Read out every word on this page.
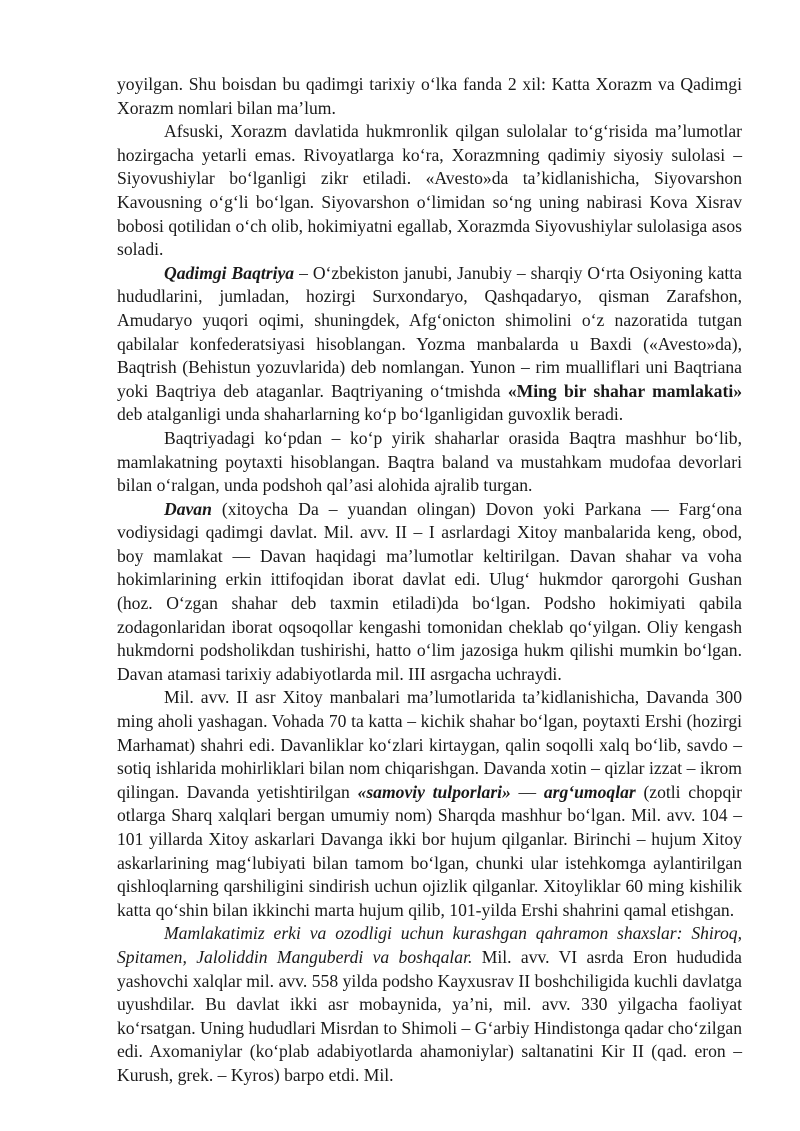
yoyilgan. Shu boisdan bu qadimgi tarixiy o‘lka fanda 2 xil: Katta Xorazm va Qadimgi Xorazm nomlari bilan ma’lum.

Afsuski, Xorazm davlatida hukmronlik qilgan sulolalar to‘g‘risida ma’lumotlar hozirgacha yetarli emas. Rivoyatlarga ko‘ra, Xorazmning qadimiy siyosiy sulolasi – Siyovushiylar bo‘lganligi zikr etiladi. «Avesto»da ta’kidlanishicha, Siyovarshon Kavousning o‘g‘li bo‘lgan. Siyovarshon o‘limidan so‘ng uning nabirasi Kova Xisrav bobosi qotilidan o‘ch olib, hokimiyatni egallab, Xorazmda Siyovushiylar sulolasiga asos soladi.

Qadimgi Baqtriya – O‘zbekiston janubi, Janubiy – sharqiy O‘rta Osiyoning katta hududlarini, jumladan, hozirgi Surxondaryo, Qashqadaryo, qisman Zarafshon, Amudaryo yuqori oqimi, shuningdek, Afg‘onicton shimolini o‘z nazoratida tutgan qabilalar konfederatsiyasi hisoblangan. Yozma manbalarda u Baxdi («Avesto»da), Baqtrish (Behistun yozuvlarida) deb nomlangan. Yunon – rim mualliflari uni Baqtriana yoki Baqtriya deb ataganlar. Baqtriyaning o‘tmishda «Ming bir shahar mamlakati» deb atalganligi unda shaharlarning ko‘p bo‘lganligidan guvoxlik beradi.

Baqtriyadagi ko‘pdan – ko‘p yirik shaharlar orasida Baqtra mashhur bo‘lib, mamlakatning poytaxti hisoblangan. Baqtra baland va mustahkam mudofaa devorlari bilan o‘ralgan, unda podshoh qal’asi alohida ajralib turgan.

Davan (xitoycha Da – yuandan olingan) Dovon yoki Parkana — Farg‘ona vodiysidagi qadimgi davlat. Mil. avv. II – I asrlardagi Xitoy manbalarida keng, obod, boy mamlakat — Davan haqidagi ma’lumotlar keltirilgan. Davan shahar va voha hokimlarining erkin ittifoqidan iborat davlat edi. Ulug‘ hukmdor qarorgohi Gushan (hoz. O‘zgan shahar deb taxmin etiladi)da bo‘lgan. Podsho hokimiyati qabila zodagonlaridan iborat oqsoqollar kengashi tomonidan cheklab qo‘yilgan. Oliy kengash hukmdorni podsholikdan tushirishi, hatto o‘lim jazosiga hukm qilishi mumkin bo‘lgan. Davan atamasi tarixiy adabiyotlarda mil. III asrgacha uchraydi.

Mil. avv. II asr Xitoy manbalari ma’lumotlarida ta’kidlanishicha, Davanda 300 ming aholi yashagan. Vohada 70 ta katta – kichik shahar bo‘lgan, poytaxti Ershi (hozirgi Marhamat) shahri edi. Davanliklar ko‘zlari kirtaygan, qalin soqolli xalq bo‘lib, savdo – sotiq ishlarida mohirliklari bilan nom chiqarishgan. Davanda xotin – qizlar izzat – ikrom qilingan. Davanda yetishtirilgan «samoviy tulporlari» — arg‘umoqlar (zotli chopqir otlarga Sharq xalqlari bergan umumiy nom) Sharqda mashhur bo‘lgan. Mil. avv. 104 – 101 yillarda Xitoy askarlari Davanga ikki bor hujum qilganlar. Birinchi – hujum Xitoy askarlarining mag‘lubiyati bilan tamom bo‘lgan, chunki ular istehkomga aylantirilgan qishloqlarning qarshiligini sindirish uchun ojizlik qilganlar. Xitoyliklar 60 ming kishilik katta qo‘shin bilan ikkinchi marta hujum qilib, 101-yilda Ershi shahrini qamal etishgan.

Mamlakatimiz erki va ozodligi uchun kurashgan qahramon shaxslar: Shiroq, Spitamen, Jaloliddin Manguberdi va boshqalar. Mil. avv. VI asrda Eron hududida yashovchi xalqlar mil. avv. 558 yilda podsho Kayxusrav II boshchiligida kuchli davlatga uyushdilar. Bu davlat ikki asr mobaynida, ya’ni, mil. avv. 330 yilgacha faoliyat ko‘rsatgan. Uning hududlari Misrdan to Shimoli – G‘arbiy Hindistonga qadar cho‘zilgan edi. Axomaniylar (ko‘plab adabiyotlarda ahamoniylar) saltanatini Kir II (qad. eron – Kurush, grek. – Kyros) barpo etdi. Mil.
